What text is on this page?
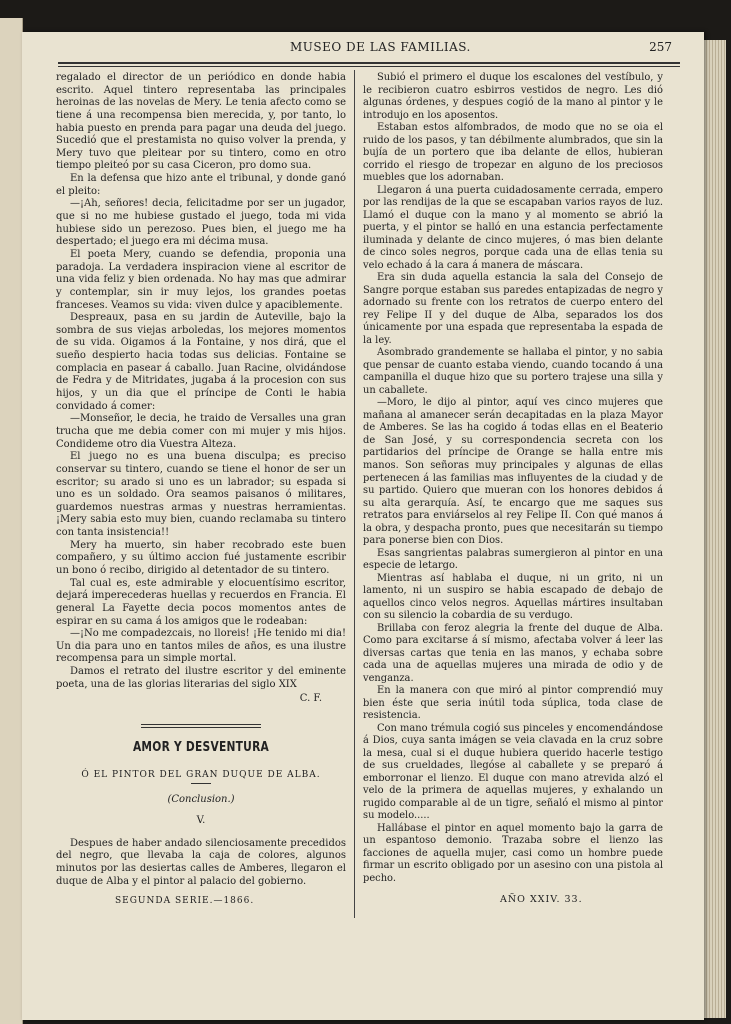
MUSEO DE LAS FAMILIAS.	257

regalado el director de un periódico en donde habia escrito. Aquel tintero representaba las principales heroinas de las novelas de Mery. Le tenia afecto como se tiene á una recompensa bien merecida, y, por tanto, lo habia puesto en prenda para pagar una deuda del juego. Sucedió que el prestamista no quiso volver la prenda, y Mery tuvo que pleitear por su tintero, como en otro tiempo pleiteó por su casa Ciceron, pro domo sua.

En la defensa que hizo ante el tribunal, y donde ganó el pleito:

—¡Ah, señores! decia, felicitadme por ser un jugador, que si no me hubiese gustado el juego, toda mi vida hubiese sido un perezoso. Pues bien, el juego me ha despertado; el juego era mi décima musa.

El poeta Mery, cuando se defendia, proponia una paradoja. La verdadera inspiracion viene al escritor de una vida feliz y bien ordenada. No hay mas que admirar y contemplar, sin ir muy lejos, los grandes poetas franceses. Veamos su vida: viven dulce y apaciblemente.

Despreaux, pasa en su jardin de Auteville, bajo la sombra de sus viejas arboledas, los mejores momentos de su vida. Oigamos á la Fontaine, y nos dirá, que el sueño despierto hacia todas sus delicias. Fontaine se complacia en pasear á caballo. Juan Racine, olvidándose de Fedra y de Mitridates, jugaba á la procesion con sus hijos, y un dia que el príncipe de Conti le habia convidado á comer:

—Monseñor, le decia, he traido de Versalles una gran trucha que me debia comer con mi mujer y mis hijos. Condideme otro dia Vuestra Alteza.

El juego no es una buena disculpa; es preciso conservar su tintero, cuando se tiene el honor de ser un escritor; su arado si uno es un labrador; su espada si uno es un soldado. Ora seamos paisanos ó militares, guardemos nuestras armas y nuestras herramientas. ¡Mery sabia esto muy bien, cuando reclamaba su tintero con tanta insistencia!!

Mery ha muerto, sin haber recobrado este buen compañero, y su último accion fué justamente escribir un bono ó recibo, dirigido al detentador de su tintero.

Tal cual es, este admirable y elocuentísimo escritor, dejará imperecederas huellas y recuerdos en Francia. El general La Fayette decia pocos momentos antes de espirar en su cama á los amigos que le rodeaban:

—¡No me compadezcais, no lloreis! ¡He tenido mi dia! Un dia para uno en tantos miles de años, es una ilustre recompensa para un simple mortal.

Damos el retrato del ilustre escritor y del eminente poeta, una de las glorias literarias del siglo XIX

C. F.
AMOR Y DESVENTURA
Ó EL PINTOR DEL GRAN DUQUE DE ALBA.
(Conclusion.)
V.

Despues de haber andado silenciosamente precedidos del negro, que llevaba la caja de colores, algunos minutos por las desiertas calles de Amberes, llegaron el duque de Alba y el pintor al palacio del gobierno.

Subió el primero el duque los escalones del vestíbulo, y le recibieron cuatro esbirros vestidos de negro. Les dió algunas órdenes, y despues cogió de la mano al pintor y le introdujo en los aposentos.

Estaban estos alfombrados, de modo que no se oia el ruido de los pasos, y tan débilmente alumbrados, que sin la bujía de un portero que iba delante de ellos, hubieran corrido el riesgo de tropezar en alguno de los preciosos muebles que los adornaban.

Llegaron á una puerta cuidadosamente cerrada, empero por las rendijas de la que se escapaban varios rayos de luz. Llamó el duque con la mano y al momento se abrió la puerta, y el pintor se halló en una estancia perfectamente iluminada y delante de cinco mujeres, ó mas bien delante de cinco soles negros, porque cada una de ellas tenia su velo echado á la cara á manera de máscara.

Era sin duda aquella estancia la sala del Consejo de Sangre porque estaban sus paredes entapizadas de negro y adornado su frente con los retratos de cuerpo entero del rey Felipe II y del duque de Alba, separados los dos únicamente por una espada que representaba la espada de la ley.

Asombrado grandemente se hallaba el pintor, y no sabia que pensar de cuanto estaba viendo, cuando tocando á una campanilla el duque hizo que su portero trajese una silla y un caballete.

—Moro, le dijo al pintor, aquí ves cinco mujeres que mañana al amanecer serán decapitadas en la plaza Mayor de Amberes. Se las ha cogido á todas ellas en el Beaterio de San José, y su correspondencia secreta con los partidarios del príncipe de Orange se halla entre mis manos. Son señoras muy principales y algunas de ellas pertenecen á las familias mas influyentes de la ciudad y de su partido. Quiero que mueran con los honores debidos á su alta gerarquía. Así, te encargo que me saques sus retratos para enviárselos al rey Felipe II. Con qué manos á la obra, y despacha pronto, pues que necesitarán su tiempo para ponerse bien con Dios.

Esas sangrientas palabras sumergieron al pintor en una especie de letargo.

Mientras así hablaba el duque, ni un grito, ni un lamento, ni un suspiro se habia escapado de debajo de aquellos cinco velos negros. Aquellas mártires insultaban con su silencio la cobardia de su verdugo.

Brillaba con feroz alegria la frente del duque de Alba. Como para excitarse á sí mismo, afectaba volver á leer las diversas cartas que tenia en las manos, y echaba sobre cada una de aquellas mujeres una mirada de odio y de venganza.

En la manera con que miró al pintor comprendió muy bien éste que seria inútil toda súplica, toda clase de resistencia.

Con mano trémula cogió sus pinceles y encomendándose á Dios, cuya santa imágen se veia clavada en la cruz sobre la mesa, cual si el duque hubiera querido hacerle testigo de sus crueldades, llegóse al caballete y se preparó á emborronar el lienzo. El duque con mano atrevida alzó el velo de la primera de aquellas mujeres, y exhalando un rugido comparable al de un tigre, señaló el mismo al pintor su modelo.....

Hallábase el pintor en aquel momento bajo la garra de un espantoso demonio. Trazaba sobre el lienzo las facciones de aquella mujer, casi como un hombre puede firmar un escrito obligado por un asesino con una pistola al pecho.

SEGUNDA SERIE.—1866.	AÑO XXIV. 33.
